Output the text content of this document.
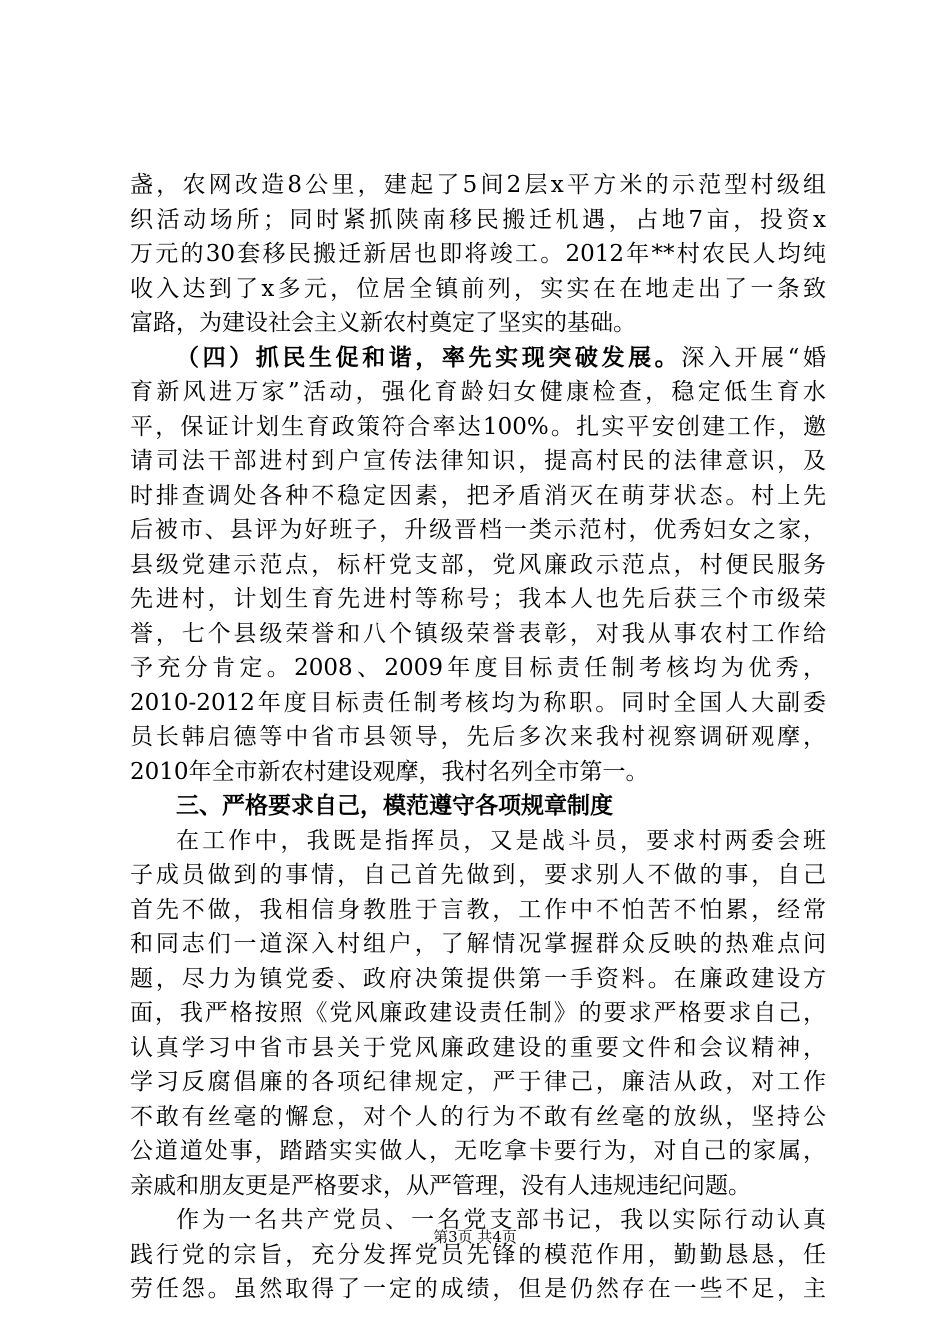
盏，农网改造8公里，建起了5间2层x平方米的示范型村级组
织活动场所；同时紧抓陕南移民搬迁机遇，占地7亩，投资x
万元的30套移民搬迁新居也即将竣工。2012年**村农民人均纯
收入达到了x多元，位居全镇前列，实实在在地走出了一条致
富路，为建设社会主义新农村奠定了坚实的基础。
（四）抓民生促和谐，率先实现突破发展。深入开展“婚
育新风进万家”活动，强化育龄妇女健康检查，稳定低生育水
平，保证计划生育政策符合率达100%。扎实平安创建工作，邀
请司法干部进村到户宣传法律知识，提高村民的法律意识，及
时排查调处各种不稳定因素，把矛盾消灭在萌芽状态。村上先
后被市、县评为好班子，升级晋档一类示范村，优秀妇女之家，
县级党建示范点，标杆党支部，党风廉政示范点，村便民服务
先进村，计划生育先进村等称号；我本人也先后获三个市级荣
誉，七个县级荣誉和八个镇级荣誉表彰，对我从事农村工作给
予充分肯定。2008、2009年度目标责任制考核均为优秀，
2010-2012年度目标责任制考核均为称职。同时全国人大副委
员长韩启德等中省市县领导，先后多次来我村视察调研观摩，
2010年全市新农村建设观摩，我村名列全市第一。
三、严格要求自己，模范遵守各项规章制度
在工作中，我既是指挥员，又是战斗员，要求村两委会班
子成员做到的事情，自己首先做到，要求别人不做的事，自己
首先不做，我相信身教胜于言教，工作中不怕苦不怕累，经常
和同志们一道深入村组户，了解情况掌握群众反映的热难点问
题，尽力为镇党委、政府决策提供第一手资料。在廉政建设方
面，我严格按照《党风廉政建设责任制》的要求严格要求自己，
认真学习中省市县关于党风廉政建设的重要文件和会议精神，
学习反腐倡廉的各项纪律规定，严于律己，廉洁从政，对工作
不敢有丝毫的懈怠，对个人的行为不敢有丝毫的放纵，坚持公
公道道处事，踏踏实实做人，无吃拿卡要行为，对自己的家属，
亲戚和朋友更是严格要求，从严管理，没有人违规违纪问题。
作为一名共产党员、一名党支部书记，我以实际行动认真
践行党的宗旨，充分发挥党员先锋的模范作用，勤勤恳恳，任
劳任怨。虽然取得了一定的成绩，但是仍然存在一些不足，主
第3页 共4页
